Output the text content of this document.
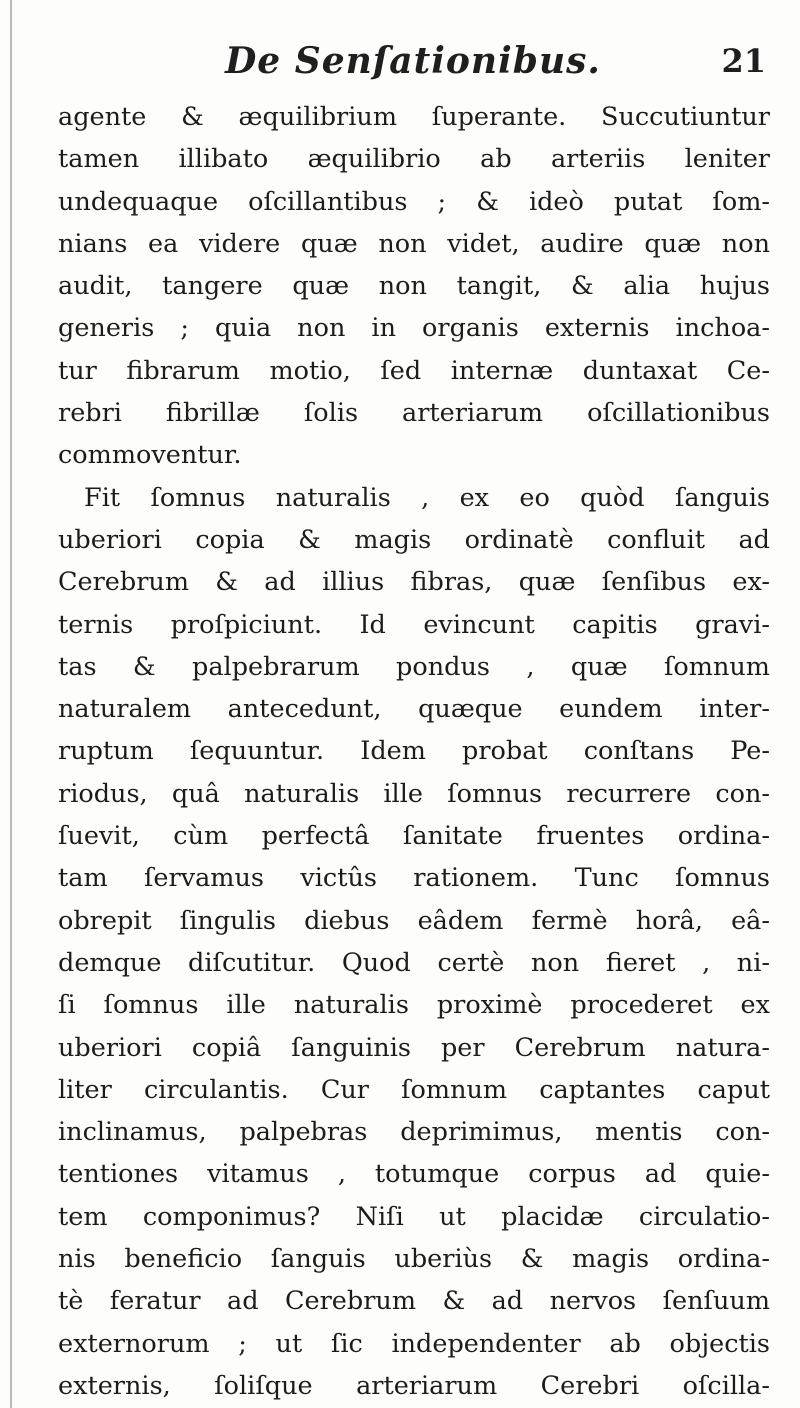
De Senſationibus.	21
agente & æquilibrium ſuperante. Succutiuntur
tamen illibato æquilibrio ab arteriis leniter
undequaque oſcillantibus ; & ideò putat ſom-
nians ea videre quæ non videt, audire quæ non
audit, tangere quæ non tangit, & alia hujus
generis ; quia non in organis externis inchoa-
tur fibrarum motio, ſed internæ duntaxat Ce-
rebri fibrillæ ſolis arteriarum oſcillationibus
commoventur.
Fit ſomnus naturalis , ex eo quòd ſanguis
uberiori copia & magis ordinatè confluit ad
Cerebrum & ad illius fibras, quæ ſenſibus ex-
ternis proſpiciunt. Id evincunt capitis gravi-
tas & palpebrarum pondus , quæ ſomnum
naturalem antecedunt, quæque eundem inter-
ruptum ſequuntur. Idem probat conſtans Pe-
riodus, quâ naturalis ille ſomnus recurrere con-
ſuevit, cùm perfectâ ſanitate fruentes ordina-
tam ſervamus victûs rationem. Tunc ſomnus
obrepit ſingulis diebus eâdem fermè horâ, eâ-
demque diſcutitur. Quod certè non fieret , ni-
ſi ſomnus ille naturalis proximè procederet ex
uberiori copiâ ſanguinis per Cerebrum natura-
liter circulantis. Cur ſomnum captantes caput
inclinamus, palpebras deprimimus, mentis con-
tentiones vitamus , totumque corpus ad quie-
tem componimus? Niſi ut placidæ circulatio-
nis beneficio ſanguis uberiùs & magis ordina-
tè feratur ad Cerebrum & ad nervos ſenſuum
externorum ; ut ſic independenter ab objectis
externis, ſoliſque arteriarum Cerebri oſcilla-
